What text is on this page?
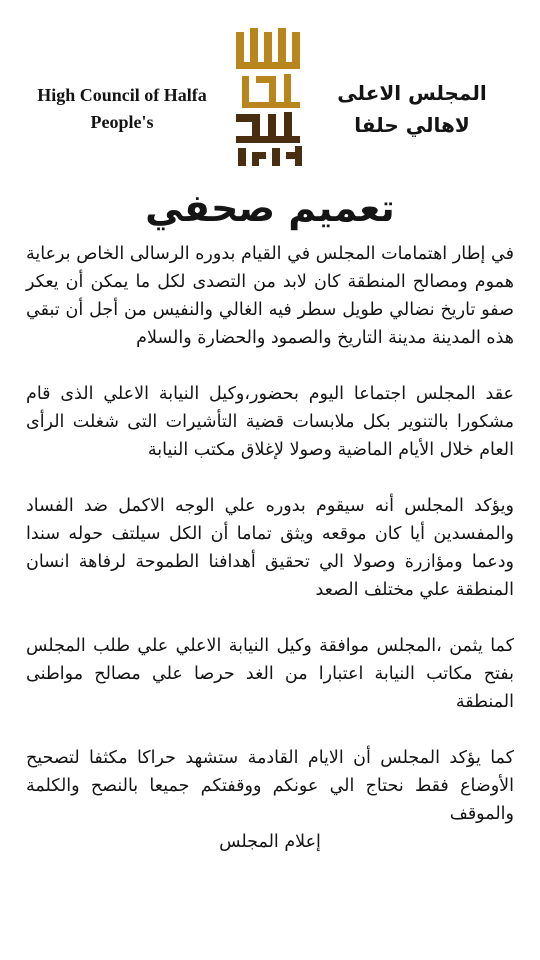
High Council of Halfa People's
المجلس الاعلى لاهالي حلفا
تعميم صحفي

في إطار اهتمامات المجلس في القيام بدوره الرسالى الخاص برعاية هموم ومصالح المنطقة كان لابد من التصدى لكل ما يمكن أن يعكر صفو تاريخ نضالي طويل سطر فيه الغالي والنفيس من أجل أن تبقي هذه المدينة مدينة التاريخ والصمود والحضارة والسلام

عقد المجلس اجتماعا اليوم بحضور،وكيل النيابة الاعلي الذى قام مشكورا بالتنوير بكل ملابسات قضية التأشيرات التى شغلت الرأى العام خلال الأيام الماضية وصولا لإغلاق مكتب النيابة

ويؤكد المجلس أنه سيقوم بدوره علي الوجه الاكمل ضد الفساد والمفسدين أيا كان موقعه ويثق تماما أن الكل سيلتف حوله سندا ودعما ومؤازرة وصولا الي تحقيق أهدافنا الطموحة لرفاهة انسان المنطقة علي مختلف الصعد

كما يثمن ،المجلس موافقة وكيل النيابة الاعلي علي طلب المجلس بفتح مكاتب النيابة اعتبارا من الغد حرصا علي مصالح مواطنى المنطقة

كما يؤكد المجلس أن الايام القادمة ستشهد حراكا مكثفا لتصحيح الأوضاع فقط نحتاج الي عونكم ووقفتكم جميعا بالنصح والكلمة والموقف

إعلام المجلس
